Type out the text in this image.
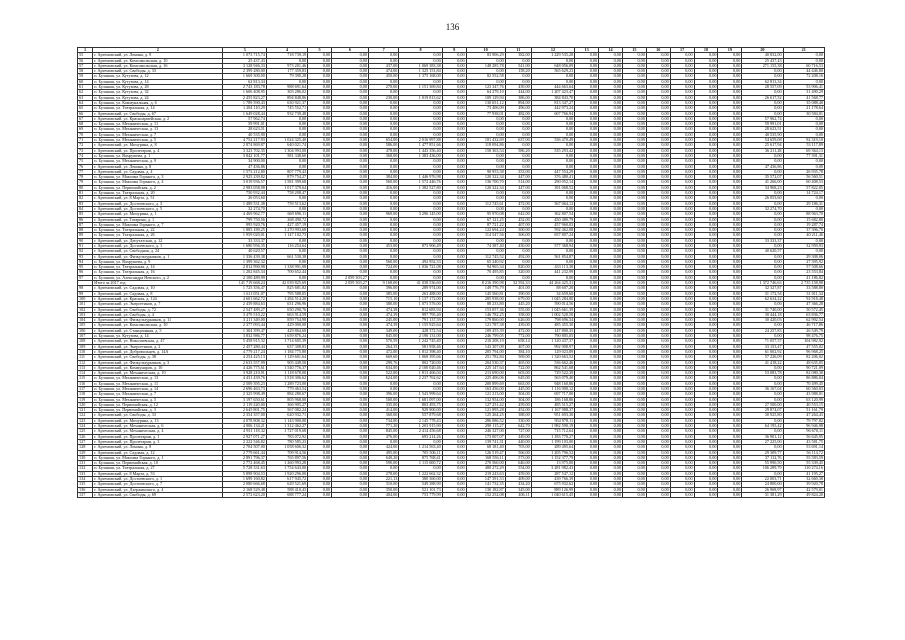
136
1	2	3	4	5	6	7	8	9	10	11	12	13	14	15	16	17	18	19	20	21
55	г. Артемовский, ул. Ленина, д. 9	1 073 715,74	718 739,19	0,00	0,00	0,00	0,00	0,00	83 906,29	382,00	1 229 535,28	0,00	0,00	0,00	0,00	0,00	0,00	0,00	40 832,00	0,00
56	г. Артемовский, ул. Комсомольская, д. 10	25 437,43	0,00	0,00	0,00	0,00	0,00	0,00	0,00	0,00	0,00	0,00	0,00	0,00	0,00	0,00	0,00	0,00	25 437,43	0,00
57	г. Артемовский, ул. Комсомольская, д. 16	3 128 946,33	973 201,46	0,00	0,00	437,00	1 069 383,38	0,00	148 285,78	541,00	648 056,09	0,00	0,00	0,00	0,00	0,00	0,00	0,00	271 155,38	60 716,53
58	г. Артемовский, ул. Свободы, д. 33	2 399 280,00	177 359,83	0,00	0,00	474,00	1 325 151,84	0,00	0,00	158,20	565 629,23	0,00	0,00	0,00	0,00	0,00	0,00	0,00	0,00	44 446,80
59	п. Буланаш, ул. Кутузова, д. 12	1 669 300,00	79 390,28	0,00	0,00	450,00	1 375 168,00	0,00	82 552,58	0,00	0,00	0,00	0,00	0,00	0,00	0,00	0,00	0,00	0,00	72 208,16
60	п. Буланаш, ул. Кутузова, д. 14	62 813,34	0,00	0,00	0,00	0,00	0,00	0,00	0,00	0,00	0,00	0,00	0,00	0,00	0,00	0,00	0,00	0,00	62 813,34	0,00
61	п. Буланаш, ул. Кутузова, д. 28	2 743 183,78	988 691,64	0,00	0,00	270,00	1 151 369,84	0,00	123 347,76	439,00	444 663,64	0,00	0,00	0,00	0,00	0,00	0,00	0,00	28 557,09	53 906,41
62	п. Буланаш, ул. Кутузова, д. 32	1 606 408,95	303 286,02	0,00	0,00	0,00	0,00	0,00	64 279,10	444,00	1 207 423,47	0,00	0,00	0,00	0,00	0,00	0,00	0,00	0,00	31 490,29
63	п. Буланаш, ул. Кутузова, д. 24	2 455 823,27	894 848,86	0,00	0,00	230,00	1 019 813,62	0,00	109 129,94	386,00	384 843,70	0,00	0,00	0,00	0,00	0,00	0,00	0,00	26 617,52	41 568,77
64	п. Буланаш, ул. Коммунальная, д. 6	1 789 590,43	630 921,37	0,00	0,00	0,00	0,00	0,00	130 651,12	894,00	813 347,27	0,00	0,00	0,00	0,00	0,00	0,00	0,00	0,00	35 088,40
65	п. Буланаш, ул. Театральная, д. 14	1 284 110,29	745 552,71	0,00	0,00	0,00	0,00	0,00	73 406,09	496,00	442 973,24	0,00	0,00	0,00	0,00	0,00	0,00	0,00	0,00	21 178,64
66	г. Артемовский, ул. Свободы, д. 67	1 649 028,44	932 739,48	0,00	0,00	0,00	0,00	0,00	77 938,01	482,00	607 766,94	0,00	0,00	0,00	0,00	0,00	0,00	0,00	0,00	30 584,01
67	г. Артемовский, ул. Красноармейская, д. 2	57 962,74	0,00	0,00	0,00	0,00	0,00	0,00	0,00	0,00	0,00	0,00	0,00	0,00	0,00	0,00	0,00	0,00	57 962,74	0,00
68	п. Буланаш, ул. Механическая, д. 11	59 991,01	0,00	0,00	0,00	0,00	0,00	0,00	0,00	0,00	0,00	0,00	0,00	0,00	0,00	0,00	0,00	0,00	59 991,01	0,00
69	п. Буланаш, ул. Механическая, д. 13	28 623,51	0,00	0,00	0,00	0,00	0,00	0,00	0,00	0,00	0,00	0,00	0,00	0,00	0,00	0,00	0,00	0,00	28 623,51	0,00
70	п. Буланаш, ул. Механическая, д. 7	40 535,90	0,00	0,00	0,00	0,00	0,00	0,00	0,00	0,00	0,00	0,00	0,00	0,00	0,00	0,00	0,00	0,00	40 535,90	0,00
71	п. Буланаш, ул. Механическая, д. 5	4 752 217,93	1 024 325,40	0,00	0,00	654,00	2 016 997,88	0,00	181 432,69	637,00	536 470,49	0,00	0,00	0,00	0,00	0,00	0,00	0,00	54 659,08	92 319,10
72	г. Артемовский, ул. Мичурина, д. 8	2 874 869,87	640 021,74	0,00	0,00	586,00	1 477 851,66	0,00	118 094,86	0,00	0,00	0,00	0,00	0,00	0,00	0,00	0,00	0,00	25 617,94	53 117,89
73	г. Артемовский, ул. Пролетарии, д. 4	3 323 702,35	1 304 993,00	0,00	0,00	478,00	1 443 356,40	0,00	158 363,54	586,20	535 293,42	0,00	0,00	0,00	0,00	0,00	0,00	0,00	36 211,28	69 364,13
74	п. Буланаш, ул. Вахрушева, д. 1	3 842 101,77	581 348,60	0,00	0,00	368,00	1 383 436,00	0,00	0,00	0,00	0,00	0,00	0,00	0,00	0,00	0,00	0,00	0,00	0,00	77 391,31
75	п. Буланаш, ул. Механическая, д. 9	34 900,00	0,00	0,00	0,00	0,00	0,00	0,00	0,00	0,00	0,00	0,00	0,00	0,00	0,00	0,00	0,00	0,00	0,00	0,00
76	г. Артемовский, ул. Ленина, д. 8	47 436,86	0,00	0,00	0,00	0,00	0,00	0,00	0,00	0,00	0,00	0,00	0,00	0,00	0,00	0,00	0,00	0,00	47 436,86	0,00
77	г. Артемовский, ул. Садовая, д. 4	1 573 212,80	807 779,43	0,00	0,00	0,00	0,00	0,00	90 953,38	353,00	447 554,29	0,00	0,00	0,00	0,00	0,00	0,00	0,00	0,00	26 935,78
78	п. Буланаш, ул. Максима Горького, д. 3	2 925 239,82	879 754,27	0,00	0,00	384,00	1 446 976,98	0,00	120 322,34	447,00	376 480,41	0,00	0,00	0,00	0,00	0,00	0,00	0,00	35 572,07	56 560,51
79	п. Буланаш, ул. Максима Горького, д. 4	3 019 936,57	1 581 399,68	0,00	0,00	560,00	1 572 446,76	0,00	136 700,70	514,00	290 052,14	0,00	0,00	0,00	0,00	0,00	0,00	0,00	41 266,00	60 408,53
80	п. Буланаш, ул. Первомайская, д. 2	2 983 058,08	1 017 379,64	0,00	0,00	416,00	1 382 527,80	0,00	120 322,34	447,00	391 068,52	0,00	0,00	0,00	0,00	0,00	0,00	0,00	34 968,23	57 822,05
81	п. Буланаш, ул. Театральная, д. 20	750 932,44	758 208,47	0,00	0,00	0,00	0,00	0,00	0,00	0,00	0,00	0,00	0,00	0,00	0,00	0,00	0,00	0,00	0,00	14 724,17
82	г. Артемовский, ул. 8 Марта, д. 51	26 053,60	0,00	0,00	0,00	0,00	0,00	0,00	0,00	0,00	0,00	0,00	0,00	0,00	0,00	0,00	0,00	0,00	26 053,60	0,00
83	г. Артемовский, ул. Достоевского, д. 3	1 489 531,38	759 513,62	0,00	0,00	0,00	0,00	0,00	112 745,61	472,00	567 064,12	0,00	0,00	0,00	0,00	0,00	0,00	0,00	0,00	29 186,31
84	г. Артемовский, ул. Достоевского, д. 5	32 274,70	0,00	0,00	0,00	0,00	0,00	0,00	0,00	0,00	0,00	0,00	0,00	0,00	0,00	0,00	0,00	0,00	32 274,70	0,00
85	г. Артемовский, ул. Мичурина, д. 1	4 469 962,77	669 696,11	0,00	0,00	969,00	3 296 145,00	0,00	95 970,08	642,00	362 807,54	0,00	0,00	0,00	0,00	0,00	0,00	0,00	0,00	88 963,70
86	г. Артемовский, ул. Гагарина, д. 1	799 750,56	268 490,72	0,00	0,00	0,00	0,00	0,00	67 121,25	452,00	450 480,79	0,00	0,00	0,00	0,00	0,00	0,00	0,00	0,00	15 682,80
87	п. Буланаш, ул. Максима Горького, д. 7	995 920,76	427 457,19	0,00	0,00	0,00	0,00	0,00	87 721,22	407,00	457 960,03	0,00	0,00	0,00	0,00	0,00	0,00	0,00	0,00	19 287,74
88	п. Буланаш, ул. Театральная, д. 22	1 885 189,25	1 270 993,68	0,00	0,00	0,00	0,00	0,00	122 694,24	300,00	592 462,08	0,00	0,00	0,00	0,00	0,00	0,00	0,00	0,00	37 396,70
89	п. Буланаш, ул. Театральная, д. 26	1 959 020,01	1 147 102,73	0,00	0,00	0,00	0,00	0,00	114 547,56	306,00	657 807,24	0,00	0,00	0,00	0,00	0,00	0,00	0,00	0,00	40 211,46
90	г. Артемовский, ул. Депутатская, д. 12	33 333,37	0,00	0,00	0,00	0,00	0,00	0,00	0,00	0,00	0,00	0,00	0,00	0,00	0,00	0,00	0,00	0,00	33 333,37	0,00
91	г. Артемовский, ул. Достоевского, д. 1	1 680 956,35	116 254,64	0,00	0,00	453,00	873 906,49	0,00	74 387,40	430,00	577 368,94	0,00	0,00	0,00	0,00	0,00	0,00	0,00	0,00	32 959,93
92	г. Артемовский, ул. Свободная, д. 24	40 620,57	0,00	0,00	0,00	0,00	0,00	0,00	0,00	0,00	0,00	0,00	0,00	0,00	0,00	0,00	0,00	0,00	40 620,57	0,00
93	г. Артемовский, ул. Физкультурников, д. 1	1 336 439,38	661 530,38	0,00	0,00	0,00	0,00	0,00	112 745,52	492,00	561 854,87	0,00	0,00	0,00	0,00	0,00	0,00	0,00	0,00	29 308,06
94	п. Буланаш, ул. Вахрушева, д. 9	1 399 362,32	0,00	0,00	0,00	560,00	492 952,33	0,00	65 240,92	0,00	0,00	0,00	0,00	0,00	0,00	0,00	0,00	0,00	0,00	27 395,92
95	п. Буланаш, ул. Театральная, д. 14	2 812 990,98	1 338 991,08	0,00	0,00	724,00	1 036 721,08	0,00	94 965,34	820,00	433 113,30	0,00	0,00	0,00	0,00	0,00	0,00	0,00	0,00	57 508,66
96	п. Буланаш, ул. Театральная, д. 16	1 202 845,34	700 652,44	0,00	0,00	0,00	0,00	0,00	70 495,85	320,00	441 232,99	0,00	0,00	0,00	0,00	0,00	0,00	0,00	0,00	23 553,84
97	п. Буланаш, ул. Александра Невского, д. 2	2 100 489,99	0,00	1,00	2 059 303,27	0,00	0,00	0,00	0,00	0,00	0,00	0,00	0,00	0,00	0,00	0,00	0,00	0,00	0,00	41 186,82
	Итого за 2017 год	141 719 668,24	42 039 825,69	0,00	2 059 303,27	9 168,00	41 038 536,60	0,00	8 216 390,98	32 592,33	44 264 425,31	0,00	0,00	0,00	0,00	0,00	0,00	0,00	1 372 746,63	2 735 158,98
98	г. Артемовский, ул. Садовая, д. 10	1 725 356,47	825 681,82	0,00	0,00	396,00	289 974,00	0,00	149 776,79	401,00	88 607,20	0,00	0,00	0,00	0,00	0,00	0,00	0,00	32 327,87	33 588,80
99	г. Артемовский, ул. Садовая, д. 8	1 611 051,07	795 588,05	0,00	0,00	385,00	263 488,00	0,00	145 560,81	390,00	34 659,60	0,00	0,00	0,00	0,00	0,00	0,00	0,00	31 172,54	31 011,34
100	г. Артемовский, ул. Красная, д. 124	4 601 662,72	1 284 514,20	0,00	0,00	715,10	1 137 172,00	0,00	285 938,00	679,00	1 045 284,80	0,00	0,00	0,00	0,00	0,00	0,00	0,00	62 634,22	92 918,48
101	г. Артемовский, ул. Энергетиков, д. 7	2 439 884,63	631 296,96	0,00	0,00	380,00	1 073 576,00	0,00	88 233,80	445,20	590 014,56	0,00	0,00	0,00	0,00	0,00	0,00	0,00	0,00	47 366,28
102	г. Артемовский, ул. Свободы, д. 72	2 547 489,27	650 290,76	0,00	0,00	474,38	812 683,94	0,00	153 057,36	555,00	1 045 661,39	0,00	0,00	0,00	0,00	0,00	0,00	0,00	31 740,00	50 572,45
103	г. Артемовский, ул. Свободы, д. 4	3 479 510,22	663 914,59	0,00	0,00	474,39	997 795,40	0,00	146 782,25	358,00	1 002 520,50	0,00	0,00	0,00	0,00	0,00	0,00	0,00	30 444,18	63 836,77
104	г. Артемовский, ул. Физкультурников, д. 11	3 211 349,00	859 754,98	0,00	0,00	245,00	791 137,59	0,00	179 860,00	626,00	798 696,34	0,00	0,00	0,00	0,00	0,00	0,00	0,00	30 420,03	62 992,54
105	г. Артемовский, ул. Комсомольская, д. 10	2 377 093,44	429 000,00	0,00	0,00	474,39	1 155 925,64	0,00	121 787,38	439,00	485 455,30	0,00	0,00	0,00	0,00	0,00	0,00	0,00	0,00	46 717,86
106	г. Артемовский, ул. Станционная, д. 5	1 304 399,47	429 864,60	0,00	0,00	349,00	428 372,54	0,00	109 455,39	472,00	147 800,35	0,00	0,00	0,00	0,00	0,00	0,00	0,00	24 257,83	26 549,79
107	п. Буланаш, ул. Кутузова, д. 14	3 832 986,77	1 659 876,24	0,00	0,00	845,00	2 190 131,00	0,00	246 799,05	772,00	790 805,05	0,00	0,00	0,00	0,00	0,00	0,00	0,00	0,00	98 476,75
108	г. Артемовский, ул. Николаевская, д. 47	5 458 915,32	1 714 605,39	0,00	0,00	570,59	1 242 745,40	0,00	210 208,19	658,14	1 120 437,37	0,00	0,00	0,00	0,00	0,00	0,00	0,00	71 057,57	104 982,92
109	г. Артемовский, ул. Энергетиков, д. 2	2 457 280,44	637 308,83	0,00	0,00	264,35	581 958,46	0,00	143 307,09	407,00	992 908,97	0,00	0,00	0,00	0,00	0,00	0,00	0,00	33 153,47	47 555,02
110	г. Артемовский, ул. Добровольцев, д. 14А	4 779 217,24	1 184 775,80	0,00	0,00	472,00	1 812 398,40	0,00	205 794,00	384,10	129 023,89	0,00	0,00	0,00	0,00	0,00	0,00	0,00	61 002,92	96 968,25
111	г. Артемовский, ул. Свободы, д. 38	4 254 425,13	1 129 601,64	0,00	0,00	669,60	1 068 395,66	0,00	251 782,84	569,00	1 320 663,52	0,00	0,00	0,00	0,00	0,00	0,00	0,00	57 226,09	82 206,02
112	г. Артемовский, ул. Физкультурников, д. 3	2 633 557,99	905 449,50	0,00	0,00	290,76	802 720,00	0,00	204 530,37	465,00	536 662,46	0,00	0,00	0,00	0,00	0,00	0,00	0,00	41 418,22	48 635,05
113	г. Артемовский, ул. Коммунаров, д. 10	4 426 775,61	1 540 776,37	0,00	0,00	634,00	2 100 020,46	0,00	225 147,64	722,00	862 541,68	0,00	0,00	0,00	0,00	0,00	0,00	0,00	0,00	90 721,09
114	г. Артемовский, ул. Механическая, д. 10	3 928 210,91	1 118 678,00	0,00	0,00	522,00	1 813 466,04	0,00	213 690,00	603,00	729 522,39	0,00	0,00	0,00	0,00	0,00	0,00	0,00	53 083,78	82 080,30
115	п. Буланаш, ул. Механическая, д. 13	4 431 439,76	1 518 306,62	0,00	0,00	624,00	2 237 762,62	0,00	225 406,06	645,00	563 079,40	0,00	0,00	0,00	0,00	0,00	0,00	0,00	0,00	86 886,04
116	п. Буланаш, ул. Механическая, д. 11	2 509 395,23	1 289 723,00	0,00	0,00	0,00	0,00	0,00	200 899,69	663,00	948 160,86	0,00	0,00	0,00	0,00	0,00	0,00	0,00	0,00	70 499,45
117	п. Буланаш, ул. Механическая, д. 14	2 696 463,73	779 463,54	0,00	0,00	0,00	0,00	0,00	163 456,00	445,00	1 116 900,12	0,00	0,00	0,00	0,00	0,00	0,00	0,00	36 167,04	60 360,03
118	п. Буланаш, ул. Механическая, д. 7	2 325 998,49	884 280,67	0,00	0,00	396,00	1 543 999,64	0,00	121 213,00	304,00	697 717,00	0,00	0,00	0,00	0,00	0,00	0,00	0,00	0,00	43 988,01
119	п. Буланаш, ул. Механическая, д. 5	3 197 650,61	805 968,00	0,00	0,00	500,00	1 681 097,00	0,00	132 954,00	304,00	186 168,86	0,00	0,00	0,00	0,00	0,00	0,00	0,00	0,00	63 120,99
120	п. Буланаш, ул. Первомайская, д. 12	2 119 220,00	366 905,27	0,00	0,00	335,00	803 493,75	0,00	127 251,42	459,00	485 515,27	0,00	0,00	0,00	0,00	0,00	0,00	0,00	27 500,00	40 553,15
121	п. Буланаш, ул. Первомайская, д. 3	2 645 801,75	567 082,24	0,00	0,00	414,00	929 900,00	0,00	121 895,28	452,00	1 167 988,37	0,00	0,00	0,00	0,00	0,00	0,00	0,00	29 874,07	51 161,79
122	г. Артемовский, ул. Свободы, д. 33	2 354 357,00	620 932,71	0,00	0,00	360,00	557 879,68	0,00	125 264,25	388,00	951 693,30	0,00	0,00	0,00	0,00	0,00	0,00	0,00	30 925,80	47 264,43
123	г. Артемовский, ул. Мичурина, д. 13	4 078 808,32	1 143 900,00	0,00	0,00	734,00	2 145 778,43	0,00	286 086,52	330,00	954 978,11	0,00	0,00	0,00	0,00	0,00	0,00	0,00	0,00	79 797,82
124	г. Артемовский, ул. Механическая, д. 6	4 906 134,21	1 312 462,27	0,00	0,00	771,20	1 203 915,90	0,00	290 115,27	642,70	1 982 590,19	0,00	0,00	0,00	0,00	0,00	0,00	0,00	64 195,42	96 946,98
125	г. Артемовский, ул. Механическая, д. 4	4 931 118,32	1 727 019,68	0,00	0,00	845,00	2 414 456,68	0,00	246 327,00	727,00	715 712,64	0,00	0,00	0,00	0,00	0,00	0,00	0,00	0,00	96 670,11
126	г. Артемовский, ул. Пролетарии, д. 1	2 927 071,27	783 072,92	0,00	0,00	476,00	693 214,26	0,00	173 007,07	449,00	1 183 770,27	0,00	0,00	0,00	0,00	0,00	0,00	0,00	36 901,12	56 645,95
127	г. Артемовский, ул. Пролетарии, д. 3	2 222 546,82	780 585,23	0,00	0,00	0,00	0,00	0,00	139 741,31	440,00	1 199 103,00	0,00	0,00	0,00	0,00	0,00	0,00	0,00	27 225,00	43 581,75
128	г. Артемовский, ул. Ленина, д. 8	2 704 507,00	1 058 606,32	0,00	0,00	424,00	1 214 563,40	0,00	68 181,40	703,00	289 495,64	0,00	0,00	0,00	0,00	0,00	0,00	0,00	0,00	53 691,14
129	г. Артемовский, ул. Садовая, д. 12	2 779 661,44	709 914,56	0,00	0,00	495,00	705 506,11	0,00	126 519,47	566,00	1 205 796,52	0,00	0,00	0,00	0,00	0,00	0,00	0,00	29 309,77	56 114,72
130	п. Буланаш, ул. Максима Горького, д. 1	2 891 796,37	765 897,56	0,00	0,00	640,20	875 768,41	0,00	168 556,11	573,00	1 152 377,79	0,00	0,00	0,00	0,00	0,00	0,00	0,00	37 112,76	55 583,59
131	п. Буланаш, ул. Первомайская, д. 10	2 772 468,45	1 260 993,28	0,00	0,00	590,00	1 115 600,72	0,00	270 560,00	646,00	13 975,00	0,00	0,00	0,00	0,00	0,00	0,00	0,00	55 990,50	55 339,45
132	п. Буланаш, ул. Театральная, д. 27	5 728 331,63	1 754 643,00	0,00	0,00	0,00	0,00	0,00	480 272,29	554,00	3 281 982,43	0,00	0,00	0,00	0,00	0,00	0,00	0,00	106 289,79	110 274,16
133	г. Артемовский, ул. 8 Марта, д. 53	5 898 904,53	1 920 296,00	0,00	0,00	278,00	1 222 662,32	0,00	219 243,63	459,00	287 547,12	0,00	0,00	0,00	0,00	0,00	0,00	0,00	0,00	41 195,27
134	г. Артемовский, ул. Достоевского, д. 1	1 699 160,82	617 945,72	0,00	0,00	221,13	380 360,00	0,00	147 391,53	409,00	439 766,39	0,00	0,00	0,00	0,00	0,00	0,00	0,00	22 003,71	32 660,38
135	г. Артемовский, ул. Достоевского, д. 7	2 080 666,68	629 521,69	0,00	0,00	310,00	549 388,90	0,00	141 732,35	434,20	675 932,62	0,00	0,00	0,00	0,00	0,00	0,00	0,00	24 800,00	39 920,78
136	г. Артемовский, ул. Дзержинского, д. 4	2 168 529,48	588 410,43	0,00	0,00	350,00	521 101,73	0,00	130 182,87	345,00	889 126,99	0,00	0,00	0,00	0,00	0,00	0,00	0,00	26 968,97	42 579,01
137	г. Артемовский, ул. Свободы, д. 69	2 572 623,20	688 777,24	0,00	0,00	404,00	753 779,99	0,00	152 252,08	406,11	1 040 615,45	0,00	0,00	0,00	0,00	0,00	0,00	0,00	31 381,29	49 824,20
